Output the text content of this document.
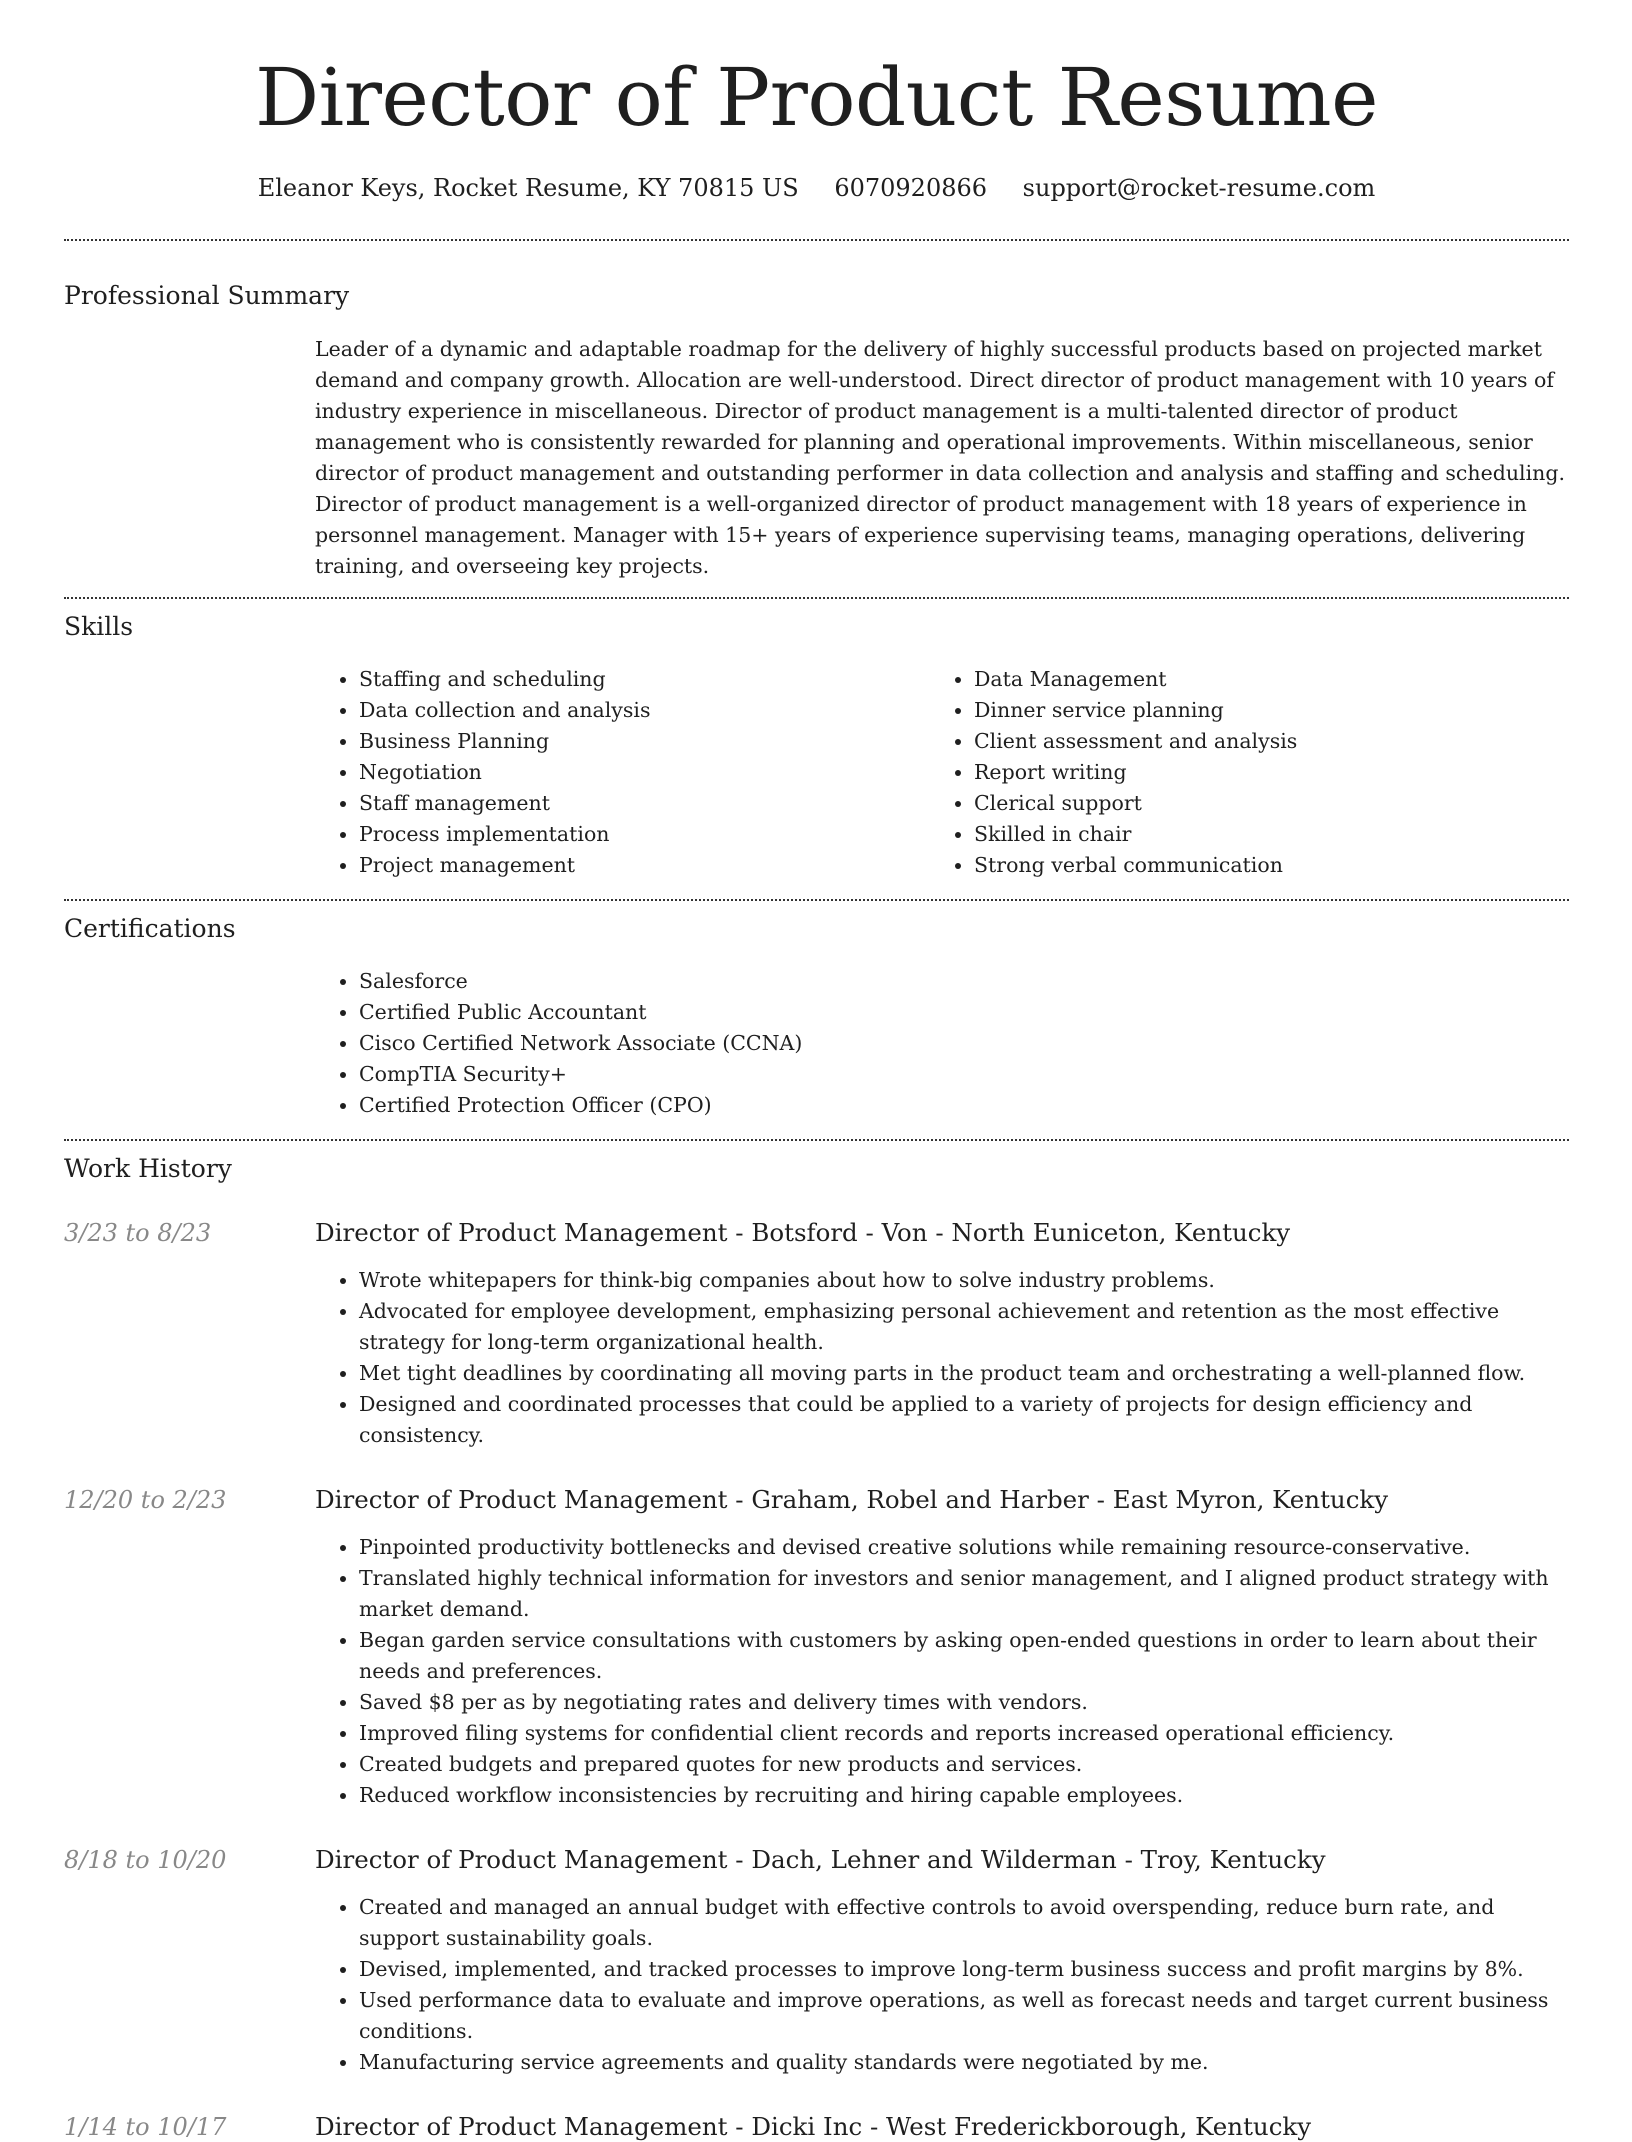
Director of Product Resume
Eleanor Keys, Rocket Resume, KY 70815 US 6070920866 support@rocket-resume.com
Professional Summary

Leader of a dynamic and adaptable roadmap for the delivery of highly successful products based on projected market demand and company growth. Allocation are well-understood. Direct director of product management with 10 years of industry experience in miscellaneous. Director of product management is a multi-talented director of product management who is consistently rewarded for planning and operational improvements. Within miscellaneous, senior director of product management and outstanding performer in data collection and analysis and staffing and scheduling. Director of product management is a well-organized director of product management with 18 years of experience in personnel management. Manager with 15+ years of experience supervising teams, managing operations, delivering training, and overseeing key projects.

Skills
• Staffing and scheduling
• Data collection and analysis
• Business Planning
• Negotiation
• Staff management
• Process implementation
• Project management
• Data Management
• Dinner service planning
• Client assessment and analysis
• Report writing
• Clerical support
• Skilled in chair
• Strong verbal communication
Certifications
• Salesforce
• Certified Public Accountant
• Cisco Certified Network Associate (CCNA)
• CompTIA Security+
• Certified Protection Officer (CPO)
Work History
3/23 to 8/23	Director of Product Management - Botsford - Von - North Euniceton, Kentucky
• Wrote whitepapers for think-big companies about how to solve industry problems.
• Advocated for employee development, emphasizing personal achievement and retention as the most effective strategy for long-term organizational health.
• Met tight deadlines by coordinating all moving parts in the product team and orchestrating a well-planned flow.
• Designed and coordinated processes that could be applied to a variety of projects for design efficiency and consistency.
12/20 to 2/23	Director of Product Management - Graham, Robel and Harber - East Myron, Kentucky
• Pinpointed productivity bottlenecks and devised creative solutions while remaining resource-conservative.
• Translated highly technical information for investors and senior management, and I aligned product strategy with market demand.
• Began garden service consultations with customers by asking open-ended questions in order to learn about their needs and preferences.
• Saved $8 per as by negotiating rates and delivery times with vendors.
• Improved filing systems for confidential client records and reports increased operational efficiency.
• Created budgets and prepared quotes for new products and services.
• Reduced workflow inconsistencies by recruiting and hiring capable employees.
8/18 to 10/20	Director of Product Management - Dach, Lehner and Wilderman - Troy, Kentucky
• Created and managed an annual budget with effective controls to avoid overspending, reduce burn rate, and support sustainability goals.
• Devised, implemented, and tracked processes to improve long-term business success and profit margins by 8%.
• Used performance data to evaluate and improve operations, as well as forecast needs and target current business conditions.
• Manufacturing service agreements and quality standards were negotiated by me.
1/14 to 10/17	Director of Product Management - Dicki Inc - West Frederickborough, Kentucky
